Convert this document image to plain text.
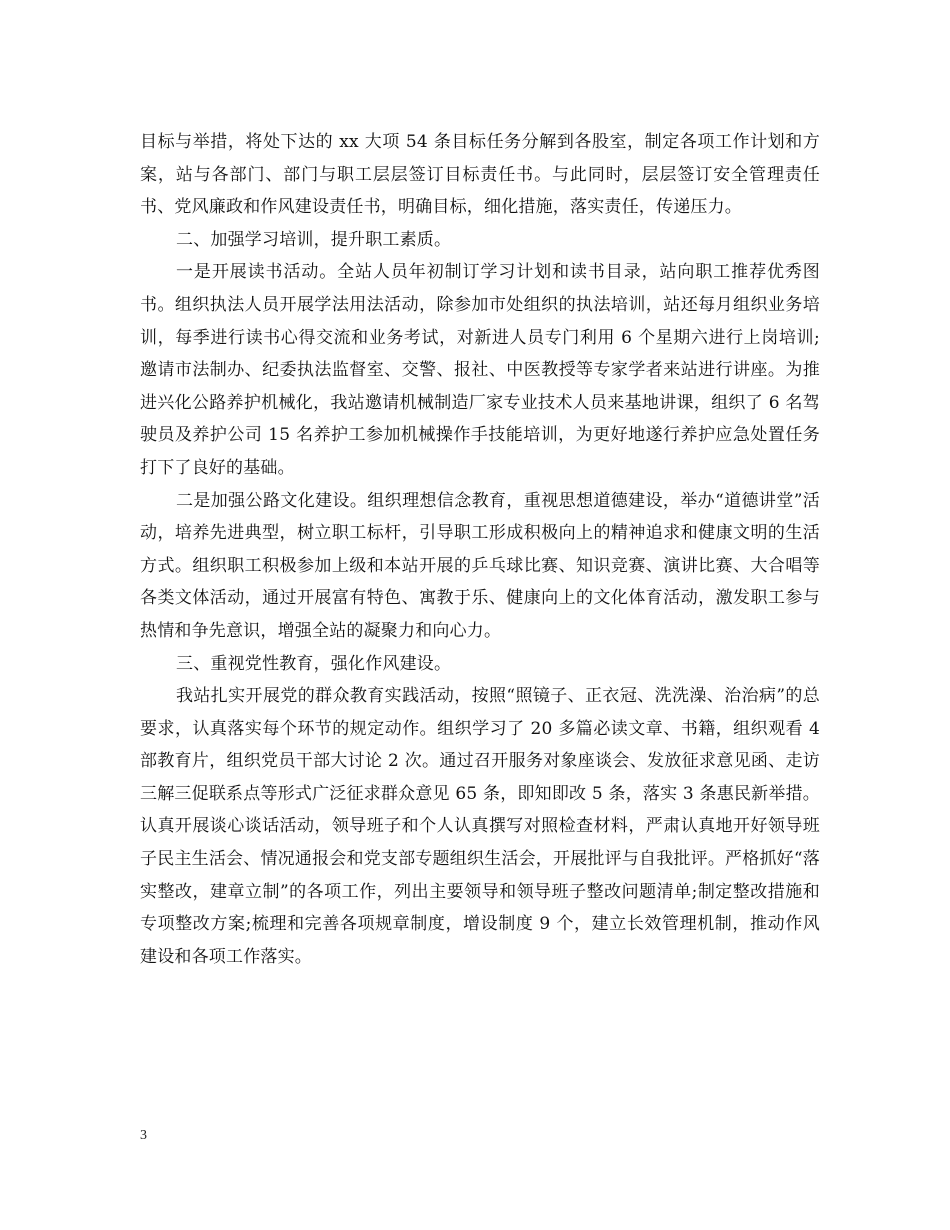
目标与举措，将处下达的 xx 大项 54 条目标任务分解到各股室，制定各项工作计划和方案，站与各部门、部门与职工层层签订目标责任书。与此同时，层层签订安全管理责任书、党风廉政和作风建设责任书，明确目标，细化措施，落实责任，传递压力。

二、加强学习培训，提升职工素质。

一是开展读书活动。全站人员年初制订学习计划和读书目录，站向职工推荐优秀图书。组织执法人员开展学法用法活动，除参加市处组织的执法培训，站还每月组织业务培训，每季进行读书心得交流和业务考试，对新进人员专门利用 6 个星期六进行上岗培训;邀请市法制办、纪委执法监督室、交警、报社、中医教授等专家学者来站进行讲座。为推进兴化公路养护机械化，我站邀请机械制造厂家专业技术人员来基地讲课，组织了 6 名驾驶员及养护公司 15 名养护工参加机械操作手技能培训，为更好地遂行养护应急处置任务打下了良好的基础。

二是加强公路文化建设。组织理想信念教育，重视思想道德建设，举办“道德讲堂”活动，培养先进典型，树立职工标杆，引导职工形成积极向上的精神追求和健康文明的生活方式。组织职工积极参加上级和本站开展的乒乓球比赛、知识竞赛、演讲比赛、大合唱等各类文体活动，通过开展富有特色、寓教于乐、健康向上的文化体育活动，激发职工参与热情和争先意识，增强全站的凝聚力和向心力。

三、重视党性教育，强化作风建设。

我站扎实开展党的群众教育实践活动，按照“照镜子、正衣冠、洗洗澡、治治病”的总要求，认真落实每个环节的规定动作。组织学习了 20 多篇必读文章、书籍，组织观看 4 部教育片，组织党员干部大讨论 2 次。通过召开服务对象座谈会、发放征求意见函、走访三解三促联系点等形式广泛征求群众意见 65 条，即知即改 5 条，落实 3 条惠民新举措。认真开展谈心谈话活动，领导班子和个人认真撰写对照检查材料，严肃认真地开好领导班子民主生活会、情况通报会和党支部专题组织生活会，开展批评与自我批评。严格抓好“落实整改，建章立制”的各项工作，列出主要领导和领导班子整改问题清单;制定整改措施和专项整改方案;梳理和完善各项规章制度，增设制度 9 个，建立长效管理机制，推动作风建设和各项工作落实。

3
